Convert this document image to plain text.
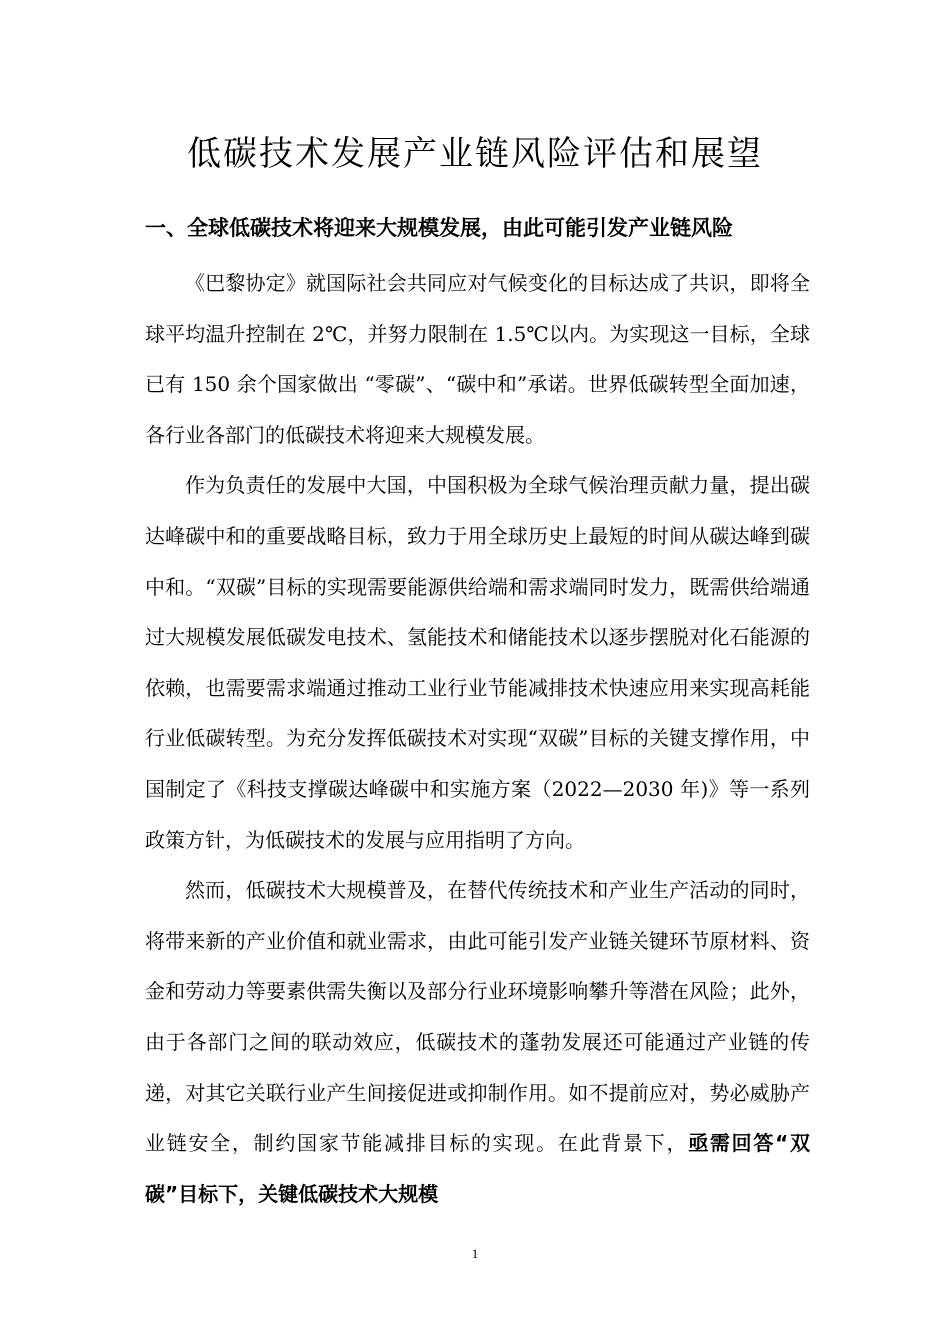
低碳技术发展产业链风险评估和展望
一、全球低碳技术将迎来大规模发展，由此可能引发产业链风险

《巴黎协定》就国际社会共同应对气候变化的目标达成了共识，即将全球平均温升控制在 2℃，并努力限制在 1.5℃以内。为实现这一目标，全球已有 150 余个国家做出 “零碳”、“碳中和”承诺。世界低碳转型全面加速，各行业各部门的低碳技术将迎来大规模发展。

作为负责任的发展中大国，中国积极为全球气候治理贡献力量，提出碳达峰碳中和的重要战略目标，致力于用全球历史上最短的时间从碳达峰到碳中和。“双碳”目标的实现需要能源供给端和需求端同时发力，既需供给端通过大规模发展低碳发电技术、氢能技术和储能技术以逐步摆脱对化石能源的依赖，也需要需求端通过推动工业行业节能减排技术快速应用来实现高耗能行业低碳转型。为充分发挥低碳技术对实现“双碳”目标的关键支撑作用，中国制定了《科技支撑碳达峰碳中和实施方案（2022—2030 年)》等一系列政策方针，为低碳技术的发展与应用指明了方向。

然而，低碳技术大规模普及，在替代传统技术和产业生产活动的同时，将带来新的产业价值和就业需求，由此可能引发产业链关键环节原材料、资金和劳动力等要素供需失衡以及部分行业环境影响攀升等潜在风险；此外，由于各部门之间的联动效应，低碳技术的蓬勃发展还可能通过产业链的传递，对其它关联行业产生间接促进或抑制作用。如不提前应对，势必威胁产业链安全，制约国家节能减排目标的实现。在此背景下，亟需回答“双碳”目标下，关键低碳技术大规模

1
